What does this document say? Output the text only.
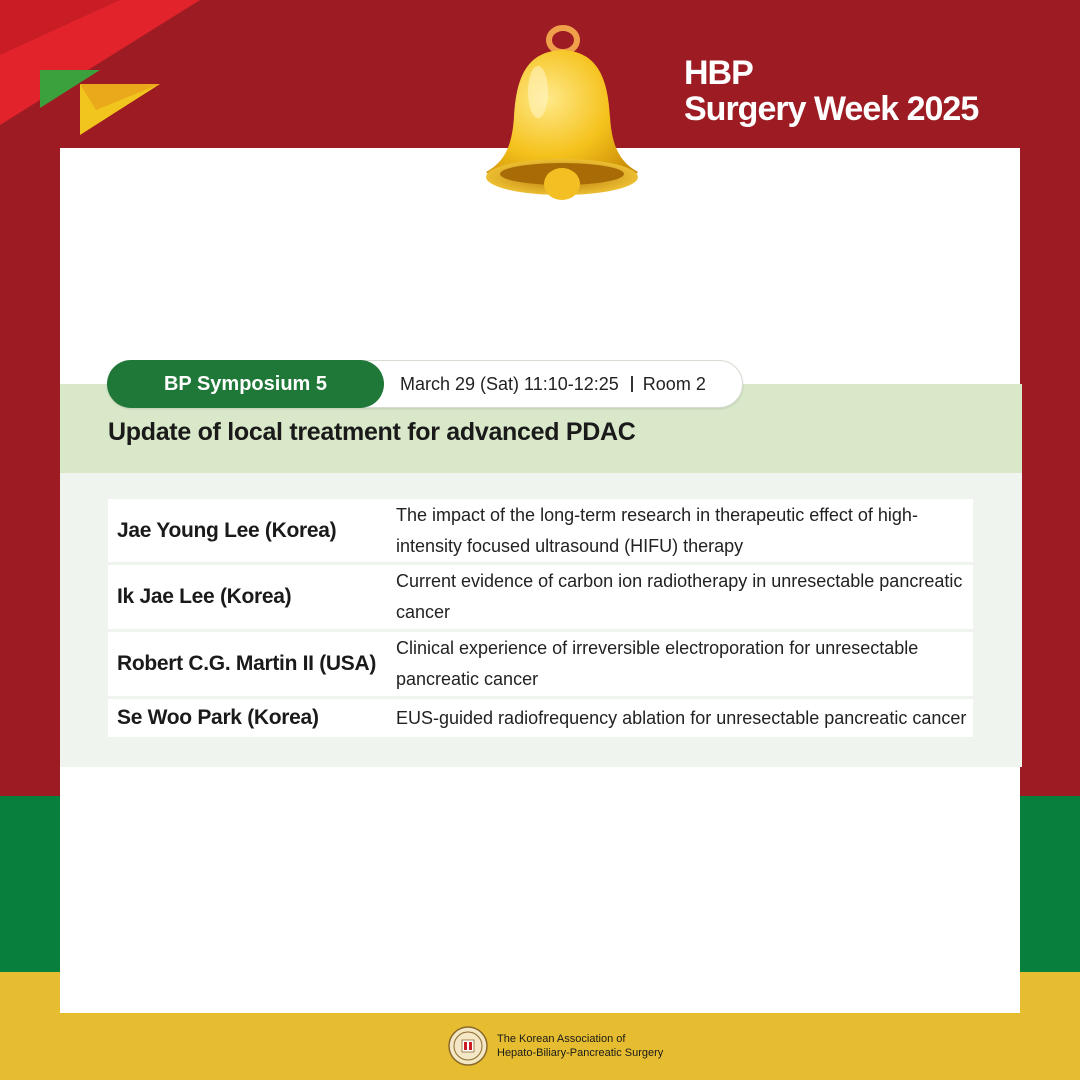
HBP
Surgery Week 2025
BP Symposium 5	March 29 (Sat) 11:10-12:25 Room 2
Update of local treatment for advanced PDAC
Jae Young Lee (Korea)
The impact of the long-term research in therapeutic effect of high-intensity focused ultrasound (HIFU) therapy
Ik Jae Lee (Korea)
Current evidence of carbon ion radiotherapy in unresectable pancreatic cancer
Robert C.G. Martin II (USA)
Clinical experience of irreversible electroporation for unresectable pancreatic cancer
Se Woo Park (Korea)	EUS-guided radiofrequency ablation for unresectable pancreatic cancer
The Korean Association of
Hepato-Biliary-Pancreatic Surgery
